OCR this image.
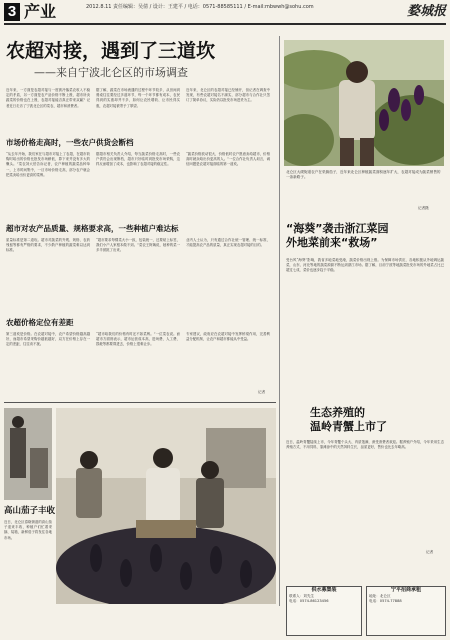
3 产业	2012.8.11 责任编辑：吴倩 / 设计：王建平 / 电话：0571-88585111 / E-mail:mbwwh@sohu.com	婺城报
农超对接，遇到了三道坎
——来自宁波北仑区的市场调查
近年来，一方面是农超对接与一度被冷落菜农收入不稳定的矛盾，另一方面是农产品价格不断上涨，超市所卖蔬菜的价格也在上涨，农超对接能否真正带来双赢？记者近日走访了宁波北仑区的菜农、超市和消费者。
据了解，蔬菜在市场流通的过程中环节较多，从田间到餐桌往往要经过多道环节，每一个环节都有成本，农民得到的实惠却并不多，如何让农民增收、让市民得实惠，农超对接被寄予了厚望。
近年来，北仑区的农超对接已经铺开，但记者在调查中发现，有些农超对接名不副实，部分超市与合作社只签订了简单协议，实际仍以批发市场进货为主。
市场价格走高时，一些农户供货会断档
“从去年开始，我们家在与超市对接上了农超，在超市收购时给出的价格比批发市场稍低，算下来并没有多大的赚头。”菜农刘大伯告诉记者，农户种植的蔬菜品种单一，上市时间集中，一旦市场价格走高，部分农户就会把菜卖给出价更高的菜贩。
据超市相关负责人介绍，每当蔬菜价格走高时，一些农户供货会出现断档，超市只好临时到批发市场采购，这样反而增加了成本，也影响了农超对接的稳定性。
“蔬菜价格波动很大，价格低时农户愿意卖给超市，价格高时就卖给出价更高的人。”一位合作社负责人坦言，诚信问题是农超对接面临的第一道坎。
超市对农产品质量、规格要求高，一些种植户难达标
质量标准是第二道坎。超市对蔬菜的外观、规格、农药残留等都有严格的要求，不少散户种植的蔬菜难以达到标准。
“超市要求每棵菜大小一致，包装统一，还要贴上标签，我们小户人家根本做不到。”菜农王阿姨说，她种的菜一多半被挑了出来。
业内人士认为，只有通过合作社统一管理、统一标准，才能提高农产品的质量，真正实现农超对接的目的。
农超价格定位有差距
第三道坎是价格。在农超对接中，农户希望价格越高越好，而超市希望采购价越低越好，双方在价格上存在一定的差距，往往谈不拢。
“超市给我们的价格有时还不如菜贩。”一位菜农说。而超市方面则表示，超市运营成本高，进场费、人工费、损耗等都要算进去，价格上很难让步。
专家建议，政府应在农超对接中发挥桥梁作用，完善利益分配机制，让农户和超市都能从中受益。
记者
北仑区大碶街道农户在采摘茄子，近年来北仑区种植蔬菜面积逐年扩大，农超对接成为蔬菜销售的一条新路子。
记者摄
“海葵”袭击浙江菜园
外地菜前来“救场”
受台风“海葵”影响，我省多地菜地受淹，蔬菜价格出现上涨。为保障市场供应，各地积极从外地调运蔬菜，山东、河北等地的蔬菜源源不断运到浙江市场。据了解，目前宁波等地蔬菜批发市场的外地菜占比已超过七成，菜价也逐步趋于平稳。
生态养殖的
温岭青蟹上市了
近日，温岭青蟹陆续上市，今年青蟹个头大、肉质饱满，深受消费者欢迎。据养殖户介绍，今年采用生态养殖方式，不用饲料，靠滩涂中的天然饵料生长，品质更好，售价也比去年略高。
记者
高山茄子丰收
近日，北仑区春晓街道的高山茄子迎来丰收，种植户们忙着采摘、装箱，新鲜茄子将发往各地市场。
供水募集装
联系人：刘先生
电话：0574-86123456
宁平招商承租
地址：北仑区
电话：0574-77888
